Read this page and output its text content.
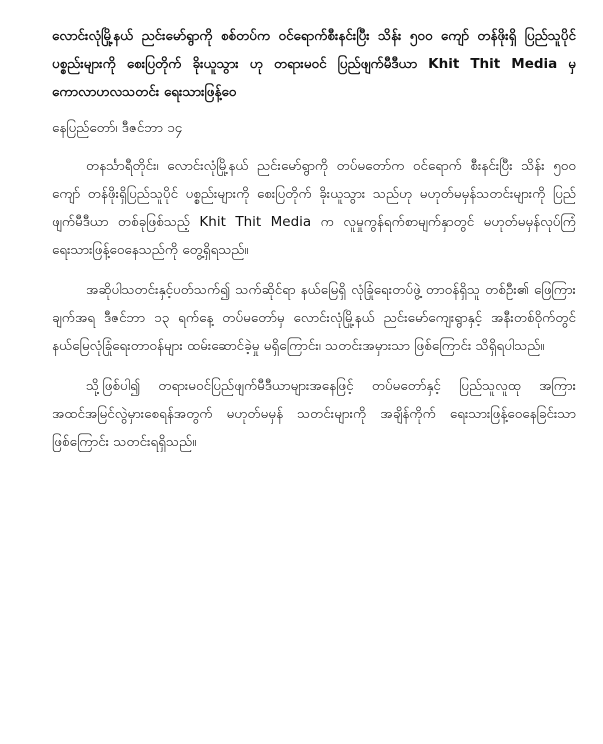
လောင်းလုံမြို့နယ် ညင်းမော်ရွာကို စစ်တပ်က ဝင်ရောက်စီးနင်းပြီး သိန်း ၅၀၀ ကျော် တန်ဖိုးရှိ ပြည်သူပိုင် ပစ္စည်းများကို စေးပြတိုက် ခိုးယူသွား ဟု တရားမဝင် ပြည်ဖျက်မီဒီယာ Khit Thit Media မှ ကောလာဟလသတင်း ရေးသားဖြန့်ဝေ

နေပြည်တော်၊ ဒီဇင်ဘာ ၁၄

တနင်္သာရီတိုင်း၊ လောင်းလုံမြို့နယ် ညင်းမော်ရွာကို တပ်မတော်က ဝင်ရောက် စီးနင်းပြီး သိန်း ၅၀၀ ကျော် တန်ဖိုးရှိပြည်သူပိုင် ပစ္စည်းများကို စေးပြတိုက် ခိုးယူသွား သည်ဟု မဟုတ်မမှန်သတင်းများကို ပြည်ဖျက်မီဒီယာ တစ်ခုဖြစ်သည့် Khit Thit Media က လူမှုကွန်ရက်စာမျက်နှာတွင် မဟုတ်မမှန်လုပ်ကြံရေးသားဖြန့်ဝေနေသည်ကို တွေ့ရှိရသည်။

အဆိုပါသတင်းနှင့်ပတ်သက်၍ သက်ဆိုင်ရာ နယ်မြေရှိ လုံခြုံရေးတပ်ဖွဲ့ တာဝန်ရှိသူ တစ်ဦး၏ ဖြေကြားချက်အရ ဒီဇင်ဘာ ၁၃ ရက်နေ့ တပ်မတော်မှ လောင်းလုံမြို့နယ် ညင်းမော်ကျေးရွာနှင့် အနီးတစ်ဝိုက်တွင် နယ်မြေလုံခြုံရေးတာဝန်များ ထမ်းဆောင်ခဲ့မှု မရှိကြောင်း၊ သတင်းအမှားသာ ဖြစ်ကြောင်း သိရှိရပါသည်။

သို့ဖြစ်ပါ၍ တရားမဝင်ပြည်ဖျက်မီဒီယာများအနေဖြင့် တပ်မတော်နှင့် ပြည်သူလူထု အကြား အထင်အမြင်လွဲမှားစေရန်အတွက် မဟုတ်မမှန် သတင်းများကို အချိန်ကိုက် ရေးသားဖြန့်ဝေနေခြင်းသာဖြစ်ကြောင်း သတင်းရရှိသည်။
